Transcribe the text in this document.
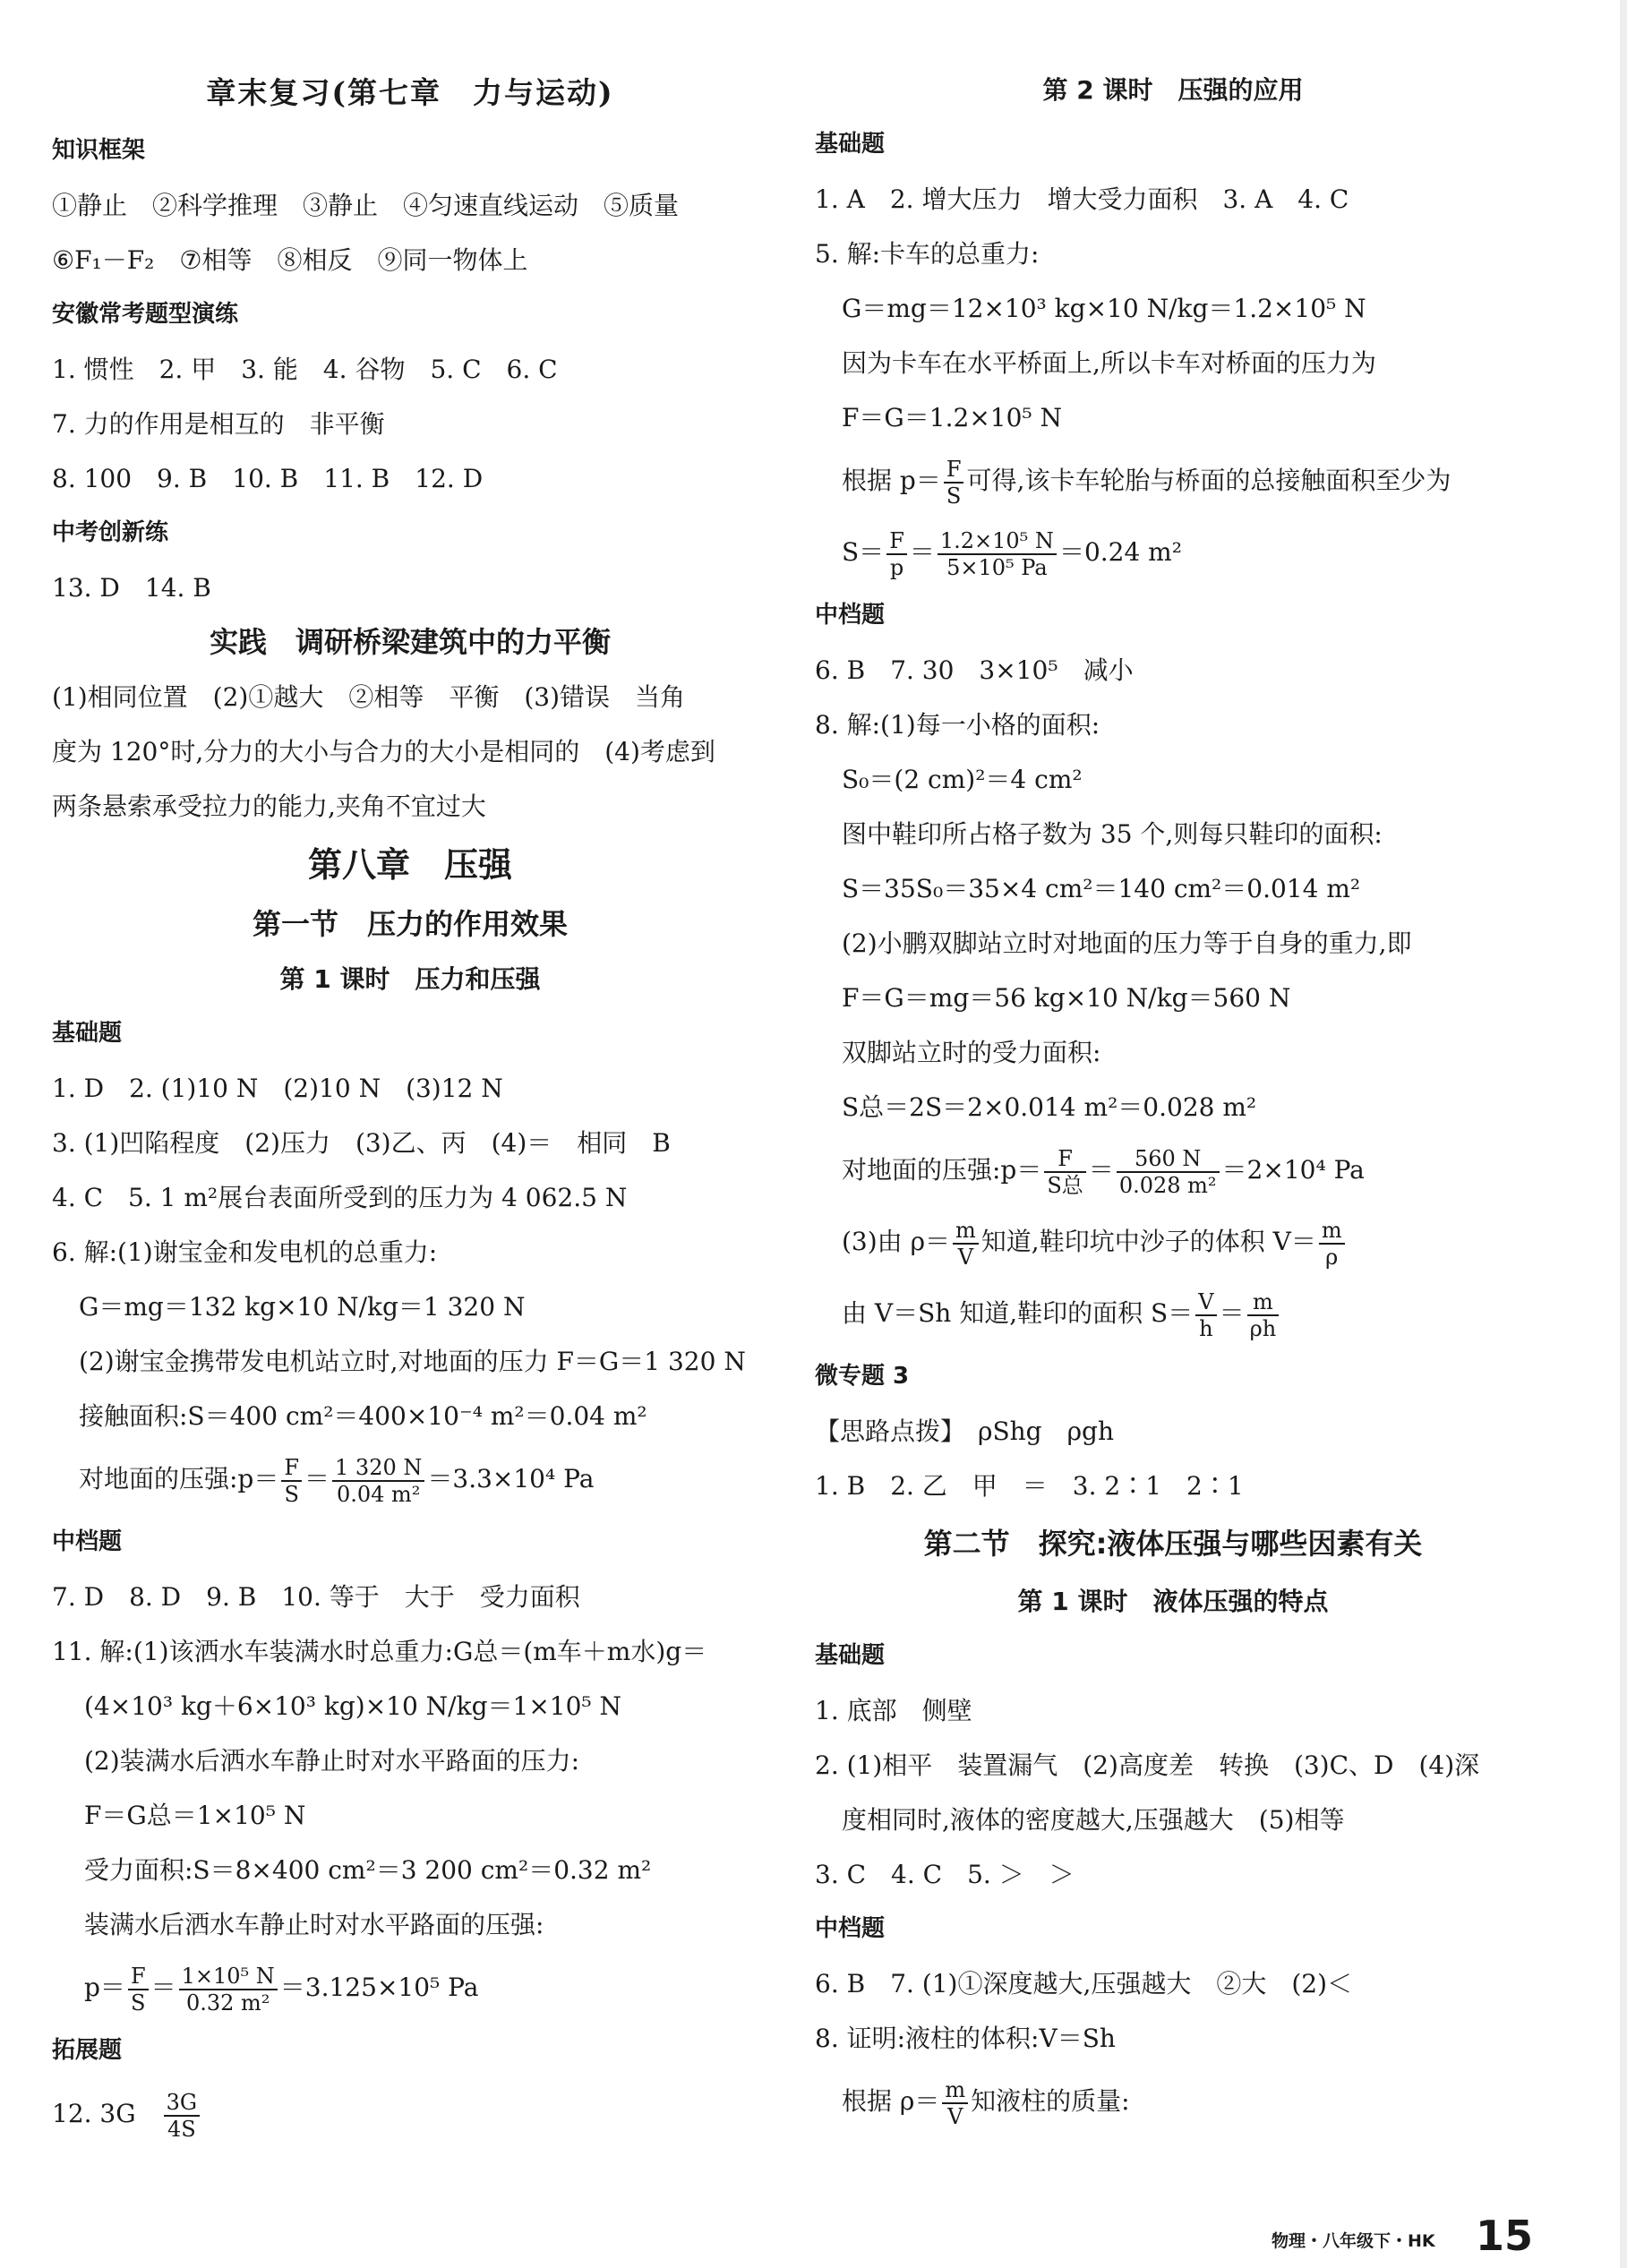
章末复习(第七章　力与运动)
知识框架
①静止　②科学推理　③静止　④匀速直线运动　⑤质量
⑥F₁－F₂　⑦相等　⑧相反　⑨同一物体上
安徽常考题型演练
1. 惯性　2. 甲　3. 能　4. 谷物　5. C　6. C
7. 力的作用是相互的　非平衡
8. 100　9. B　10. B　11. B　12. D
中考创新练
13. D　14. B
实践　调研桥梁建筑中的力平衡
(1)相同位置　(2)①越大　②相等　平衡　(3)错误　当角
度为 120°时,分力的大小与合力的大小是相同的　(4)考虑到
两条悬索承受拉力的能力,夹角不宜过大
第八章　压强
第一节　压力的作用效果
第 1 课时　压力和压强
基础题
1. D　2. (1)10 N　(2)10 N　(3)12 N
3. (1)凹陷程度　(2)压力　(3)乙、丙　(4)＝　相同　B
4. C　5. 1 m²展台表面所受到的压力为 4 062.5 N
6. 解:(1)谢宝金和发电机的总重力:
G＝mg＝132 kg×10 N/kg＝1 320 N
(2)谢宝金携带发电机站立时,对地面的压力 F＝G＝1 320 N
接触面积:S＝400 cm²＝400×10⁻⁴ m²＝0.04 m²
对地面的压强:p＝ $\frac{F}{S} = \frac{1 320 N}{\text{0.04 m²}} =3.3\times 10^4$ Pa
中档题
7. D　8. D　9. B　10. 等于　大于　受力面积
11. 解:(1)该洒水车装满水时总重力:G总＝(m车＋m水)g＝
(4×10³ kg＋6×10³ kg)×10 N/kg＝1×10⁵ N
(2)装满水后洒水车静止时对水平路面的压力:
F＝G总＝1×10⁵ N
受力面积:S＝8×400 cm²＝3 200 cm²＝0.32 m²
装满水后洒水车静止时对水平路面的压强:
$p= \frac{F}{S} = \frac{\text{1×10⁵ N}}{\text{0.32 m²}} =3.125\times 10^5$ Pa
拓展题
12. 3G　 $\frac{3G}{4S}$
第 2 课时　压强的应用
基础题
1. A　2. 增大压力　增大受力面积　3. A　4. C
5. 解:卡车的总重力:
G＝mg＝12×10³ kg×10 N/kg＝1.2×10⁵ N
因为卡车在水平桥面上,所以卡车对桥面的压力为
F＝G＝1.2×10⁵ N
根据 $p= \frac{F}{S}$ 可得,该卡车轮胎与桥面的总接触面积至少为
$S= \frac{F}{p} = \frac{\text{1.2×10⁵ N}}{\text{5×10⁵ Pa}} =0.24$ m²
中档题
6. B　7. 30　3×10⁵　减小
8. 解:(1)每一小格的面积:
S₀＝(2 cm)²＝4 cm²
图中鞋印所占格子数为 35 个,则每只鞋印的面积:
S＝35S₀＝35×4 cm²＝140 cm²＝0.014 m²
(2)小鹏双脚站立时对地面的压力等于自身的重力,即
F＝G＝mg＝56 kg×10 N/kg＝560 N
双脚站立时的受力面积:
S总＝2S＝2×0.014 m²＝0.028 m²
对地面的压强:p＝ $\frac{F}{\text{S总}} = \frac{560 N}{\text{0.028 m²}} =2\times 10^4$ Pa
(3)由 $\rho= \frac{m}{V}$ 知道,鞋印坑中沙子的体积 $V= \frac{m}{\rho}$
由 V＝Sh 知道,鞋印的面积 $S= \frac{V}{h} = \frac{m}{\rho h}$
微专题 3
【思路点拨】　ρShg　ρgh
1. B　2. 乙　甲　＝　3. 2∶1　2∶1
第二节　探究:液体压强与哪些因素有关
第 1 课时　液体压强的特点
基础题
1. 底部　侧壁
2. (1)相平　装置漏气　(2)高度差　转换　(3)C、D　(4)深
度相同时,液体的密度越大,压强越大　(5)相等
3. C　4. C　5. ＞　＞
中档题
6. B　7. (1)①深度越大,压强越大　②大　(2)＜
8. 证明:液柱的体积:V＝Sh
根据 $\rho= \frac{m}{V}$ 知液柱的质量:
物理・八年级下・HK 15
